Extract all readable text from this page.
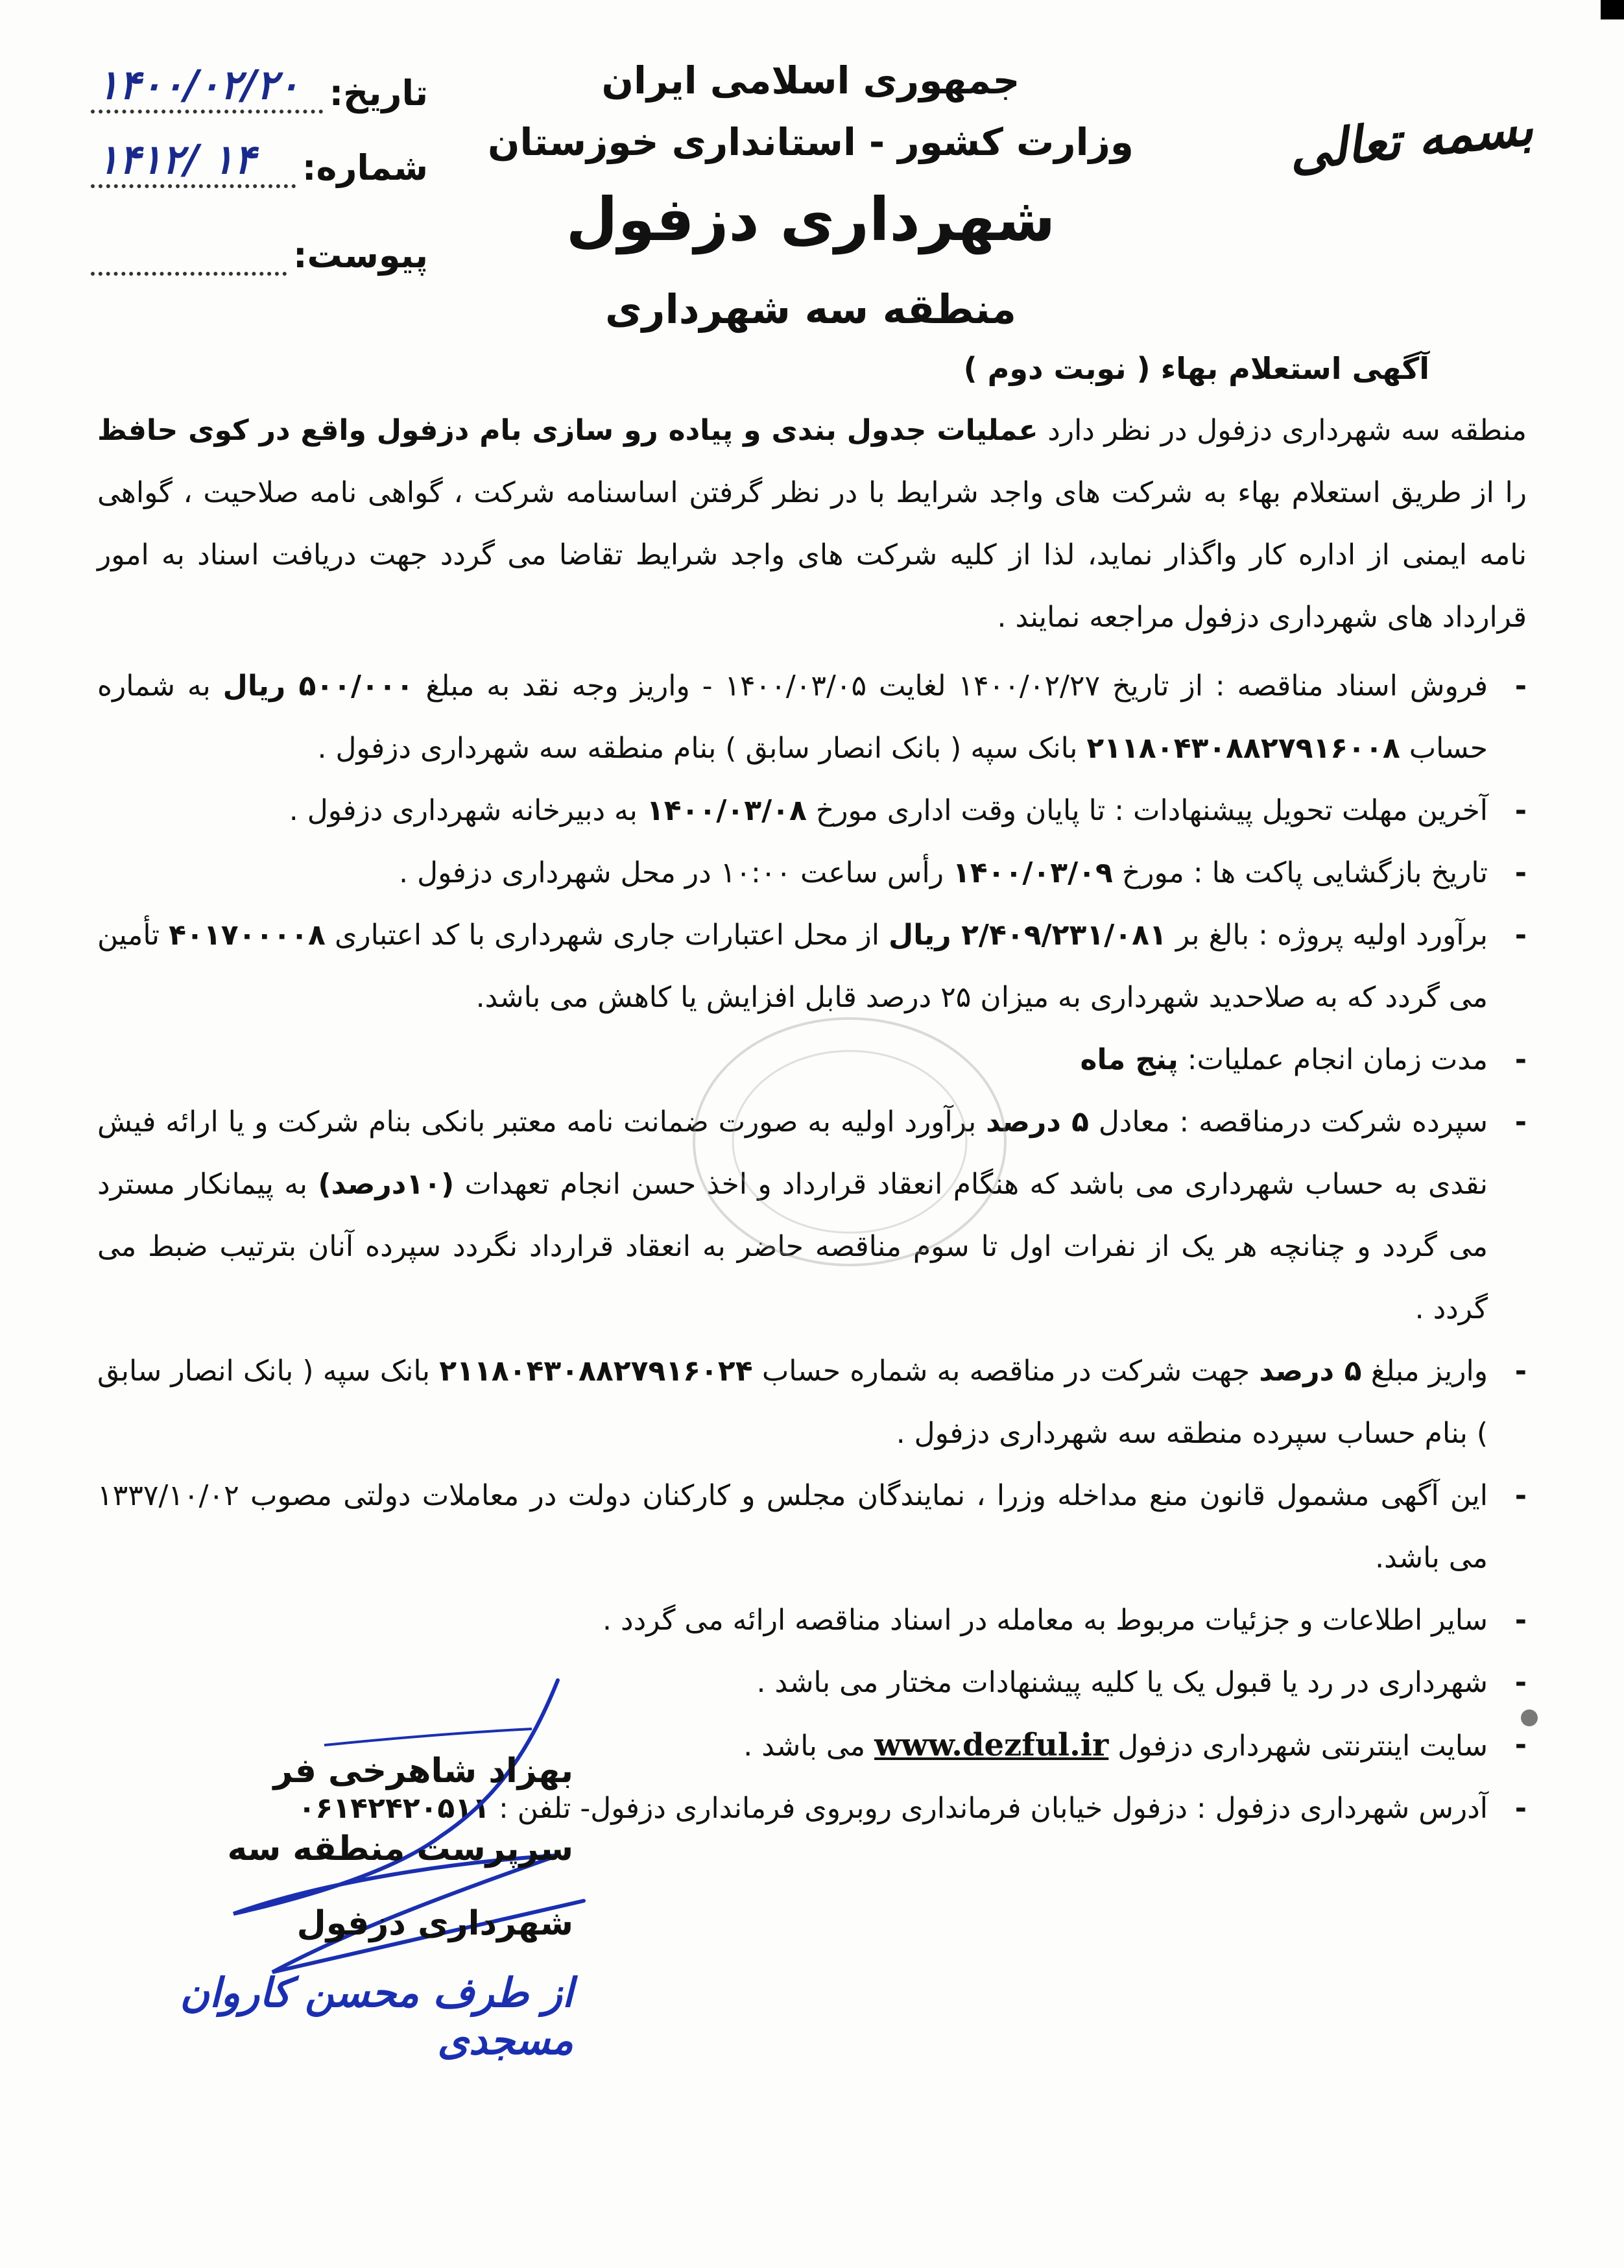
جمهوری اسلامی ایران
وزارت کشور - استانداری خوزستان
شهرداری دزفول
منطقه سه شهرداری
بسمه تعالی
تاریخ:
۱۴۰۰/۰۲/۲۰
شماره:
۱۴۱۲/ ۱۴
پیوست:
آگهی استعلام بهاء ( نوبت دوم )

منطقه سه شهرداری دزفول در نظر دارد عملیات جدول بندی و پیاده رو سازی بام دزفول واقع در کوی حافظ را از طریق استعلام بهاء به شرکت های واجد شرایط با در نظر گرفتن اساسنامه شرکت ، گواهی نامه صلاحیت ، گواهی نامه ایمنی از اداره کار واگذار نماید، لذا از کلیه شرکت های واجد شرایط تقاضا می گردد جهت دریافت اسناد به امور قرارداد های شهرداری دزفول مراجعه نمایند .

- فروش اسناد مناقصه : از تاریخ ۱۴۰۰/۰۲/۲۷ لغایت ۱۴۰۰/۰۳/۰۵ - واریز وجه نقد به مبلغ ۵۰۰/۰۰۰ ریال به شماره حساب ۲۱۱۸۰۴۳۰۸۸۲۷۹۱۶۰۰۸ بانک سپه ( بانک انصار سابق ) بنام منطقه سه شهرداری دزفول .
- آخرین مهلت تحویل پیشنهادات : تا پایان وقت اداری مورخ ۱۴۰۰/۰۳/۰۸ به دبیرخانه شهرداری دزفول .
- تاریخ بازگشایی پاکت ها : مورخ ۱۴۰۰/۰۳/۰۹ رأس ساعت ۱۰:۰۰ در محل شهرداری دزفول .
- برآورد اولیه پروژه : بالغ بر ۲/۴۰۹/۲۳۱/۰۸۱ ریال از محل اعتبارات جاری شهرداری با کد اعتباری ۴۰۱۷۰۰۰۰۸ تأمین می گردد که به صلاحدید شهرداری به میزان ۲۵ درصد قابل افزایش یا کاهش می باشد.
- مدت زمان انجام عملیات: پنج ماه
- سپرده شرکت درمناقصه : معادل ۵ درصد برآورد اولیه به صورت ضمانت نامه معتبر بانکی بنام شرکت و یا ارائه فیش نقدی به حساب شهرداری می باشد که هنگام انعقاد قرارداد و اخذ حسن انجام تعهدات (۱۰درصد) به پیمانکار مسترد می گردد و چنانچه هر یک از نفرات اول تا سوم مناقصه حاضر به انعقاد قرارداد نگردد سپرده آنان بترتیب ضبط می گردد .
- واریز مبلغ ۵ درصد جهت شرکت در مناقصه به شماره حساب ۲۱۱۸۰۴۳۰۸۸۲۷۹۱۶۰۲۴ بانک سپه ( بانک انصار سابق ) بنام حساب سپرده منطقه سه شهرداری دزفول .
- این آگهی مشمول قانون منع مداخله وزرا ، نمایندگان مجلس و کارکنان دولت در معاملات دولتی مصوب ۱۳۳۷/۱۰/۰۲ می باشد.
- سایر اطلاعات و جزئیات مربوط به معامله در اسناد مناقصه ارائه می گردد .
- شهرداری در رد یا قبول یک یا کلیه پیشنهادات مختار می باشد .
- سایت اینترنتی شهرداری دزفول www.dezful.ir می باشد .
- آدرس شهرداری دزفول : دزفول خیابان فرمانداری روبروی فرمانداری دزفول- تلفن : ۰۶۱۴۲۴۲۰۵۱۱
بهزاد شاهرخی فر
سرپرست منطقه سه
شهرداری دزفول
از طرف محسن کاروان مسجدی
